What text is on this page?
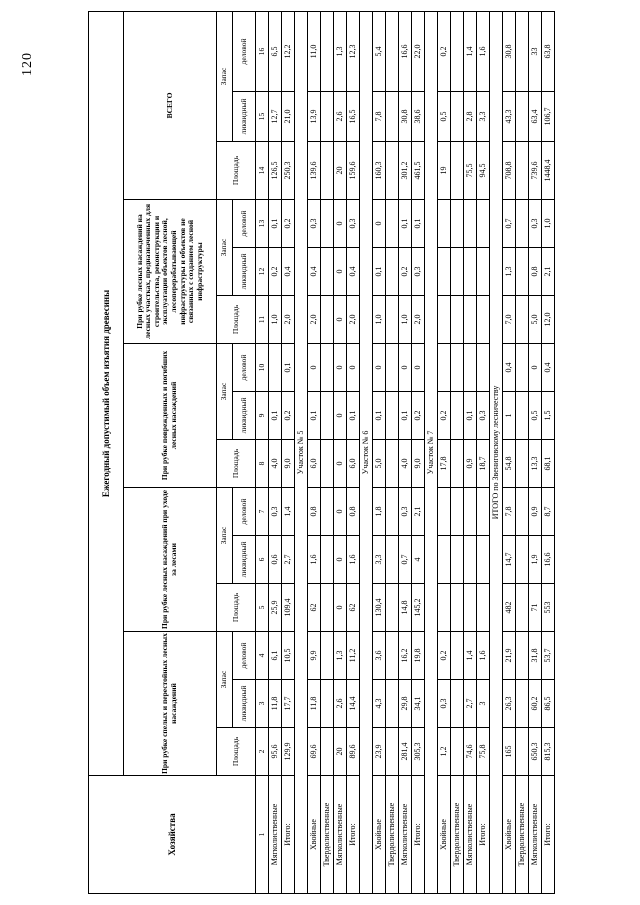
120
Хозяйства	Ежегодный допустимый объем изъятия древесины														
	При рубке спелых и перестойных лесных насаждений			При рубке лесных насаждений при уходе за лесами			При рубке поврежденных и погибших лесных насаждений			При рубке лесных насаждений на лесных участках, предназначенных для строительства, реконструкции и эксплуатации объектов лесной, лесоперерабатывающей инфраструктуры и объектов не связанных с созданием лесной инфраструктуры			ВСЕГО		
	Площадь	Запас		Площадь	Запас		Площадь	Запас		Площадь	Запас		Площадь	Запас	
		ликвидный	деловой		ликвидный	деловой		ликвидный	деловой		ликвидный	деловой		ликвидный	деловой
1	2	3	4	5	6	7	8	9	10	11	12	13	14	15	16
Мягколиственные	95,6	11,8	6,1	25,9	0,6	0,3	4,0	0,1		1,0	0,2	0,1	126,5	12,7	6,5
Итого:	129,9	17,7	10,5	109,4	2,7	1,4	9,0	0,2	0,1	2,0	0,4	0,2	250,3	21,0	12,2
Участок № 5															
Хвойные	69,6	11,8	9,9	62	1,6	0,8	6,0	0,1	0	2,0	0,4	0,3	139,6	13,9	11,0
Твердолиственные															
Мягколиственные	20	2,6	1,3	0	0	0	0	0	0	0	0	0	20	2,6	1,3
Итого:	89,6	14,4	11,2	62	1,6	0,8	6,0	0,1	0	2,0	0,4	0,3	159,6	16,5	12,3
Участок № 6															
Хвойные	23,9	4,3	3,6	130,4	3,3	1,8	5,0	0,1	0	1,0	0,1	0	160,3	7,8	5,4
Твердолиственные															
Мягколиственные	281,4	29,8	16,2	14,8	0,7	0,3	4,0	0,1	0	1,0	0,2	0,1	301,2	30,8	16,6
Итого:	305,3	34,1	19,8	145,2	4	2,1	9,0	0,2	0	2,0	0,3	0,1	461,5	38,6	22,0
Участок № 7															
Хвойные	1,2	0,3	0,2				17,8	0,2					19	0,5	0,2
Твердолиственные															
Мягколиственные	74,6	2,7	1,4				0,9	0,1					75,5	2,8	1,4
Итого:	75,8	3	1,6				18,7	0,3					94,5	3,3	1,6
ИТОГО по Звениговскому лесничеству															
Хвойные	165	26,3	21,9	482	14,7	7,8	54,8	1	0,4	7,0	1,3	0,7	708,8	43,3	30,8
Твердолиственные															
Мягколиственные	650,3	60,2	31,8	71	1,9	0,9	13,3	0,5	0	5,0	0,8	0,3	739,6	63,4	33
Итого:	815,3	86,5	53,7	553	16,6	8,7	68,1	1,5	0,4	12,0	2,1	1,0	1448,4	106,7	63,8
